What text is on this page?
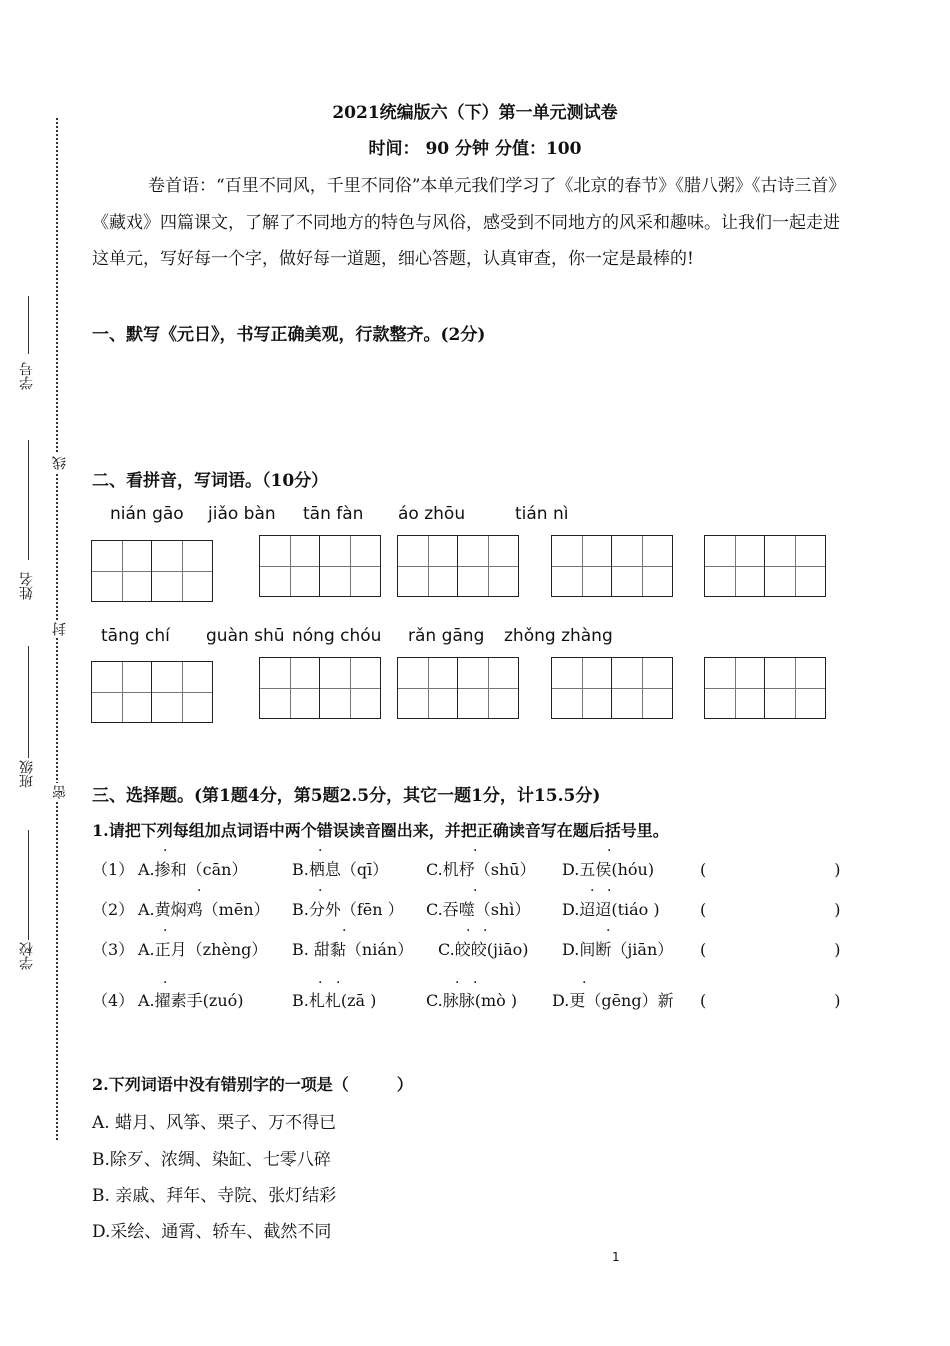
学号
姓名
班级
学校
线
封
密
2021统编版六（下）第一单元测试卷
时间： 90 分钟 分值：100
卷首语：“百里不同风，千里不同俗”本单元我们学习了《北京的春节》《腊八粥》《古诗三首》《藏戏》四篇课文，了解了不同地方的特色与风俗，感受到不同地方的风采和趣味。让我们一起走进这单元，写好每一个字，做好每一道题，细心答题，认真审查，你一定是最棒的!
一、默写《元日》，书写正确美观，行款整齐。(2分)
二、看拼音，写词语。（10分）
nián gāo jiǎo bàn tān fàn áo zhōu	tián nì
tāng chí guàn shū nóng chóu rǎn gāng zhǒng zhàng
三、选择题。(第1题4分，第5题2.5分，其它一题1分，计15.5分)
1.请把下列每组加点词语中两个错误读音圈出来，并把正确读音写在题后括号里。
（1） A.掺和（cān）	B.栖息（qī） C.机杼（shū） D.五侯(hóu)	(　　　　　　　　)
（2） A.黄焖鸡（mēn） B.分外（fēn ） C.吞噬（shì） D.迢迢(tiáo )	(　　　　　　　　)
（3） A.正月（zhèng） B. 甜黏（nián） C.皎皎(jiāo) D.间断（jiān） (　　　　　　　　)
（4） A.擢素手(zuó)	B.札札(zā )	C.脉脉(mò ) D.更（gēng）新 (　　　　　　　　)
·	·	·	·
·	·	·	· ·
·	·	· ·	·
·	· ·	· ·	·
2.下列词语中没有错别字的一项是（　　　）
A. 蜡月、风筝、栗子、万不得已
B.除歹、浓绸、染缸、七零八碎
B. 亲戚、拜年、寺院、张灯结彩
D.采绘、通霄、轿车、截然不同
1
